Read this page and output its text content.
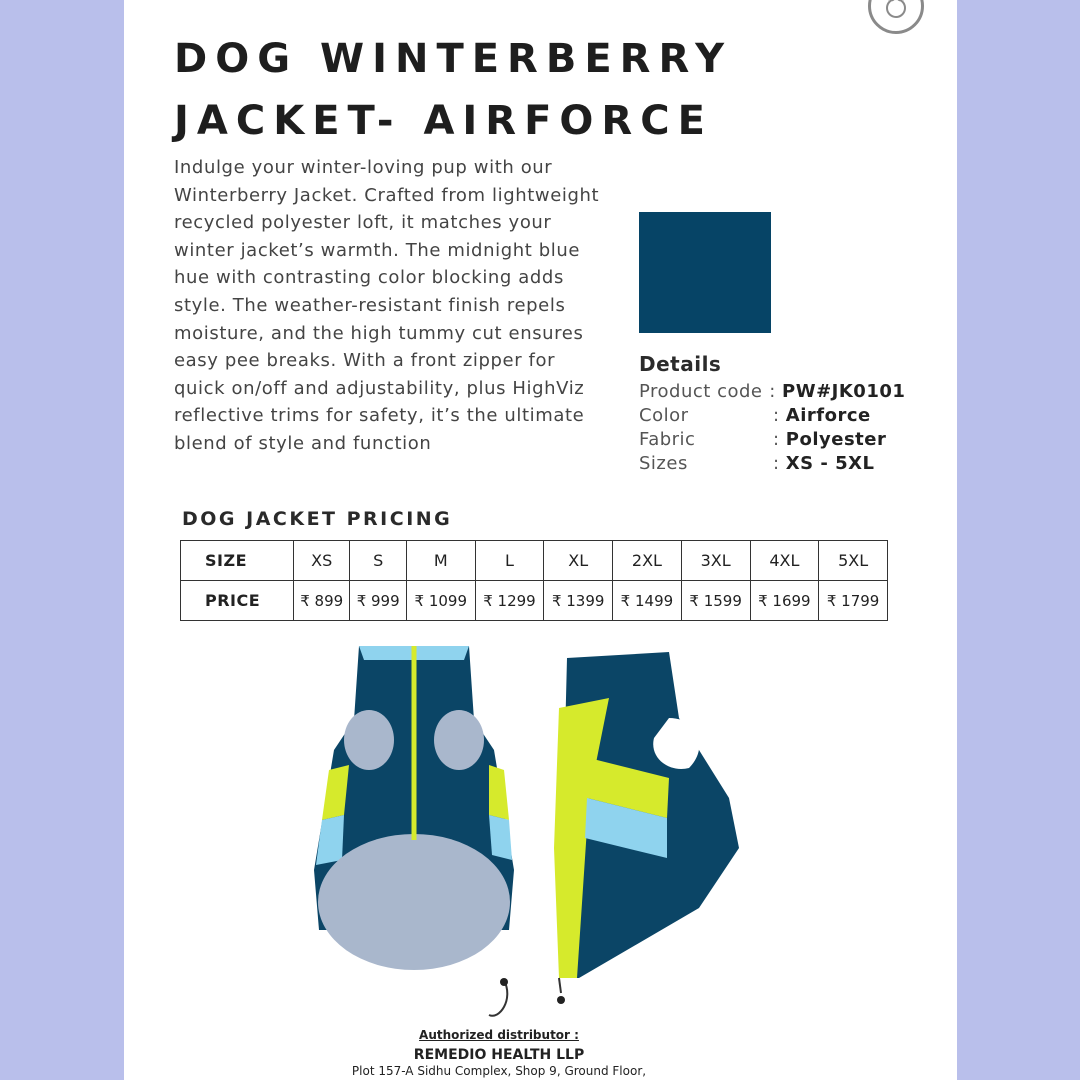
DOG WINTERBERRY
JACKET- AIRFORCE

Indulge your winter-loving pup with our Winterberry Jacket. Crafted from lightweight recycled polyester loft, it matches your winter jacket’s warmth. The midnight blue hue with contrasting color blocking adds style. The weather-resistant finish repels moisture, and the high tummy cut ensures easy pee breaks. With a front zipper for quick on/off and adjustability, plus HighViz reflective trims for safety, it’s the ultimate blend of style and function

Details
Product code : PW#JK0101
Color	: Airforce
Fabric	: Polyester
Sizes	: XS - 5XL
DOG JACKET PRICING
SIZE	XS	S	M	L	XL	2XL	3XL	4XL	5XL
PRICE	₹ 899	₹ 999	₹ 1099	₹ 1299	₹ 1399	₹ 1499	₹ 1599	₹ 1699	₹ 1799
Authorized distributor :
REMEDIO HEALTH LLP
Plot 157-A Sidhu Complex, Shop 9, Ground Floor,
